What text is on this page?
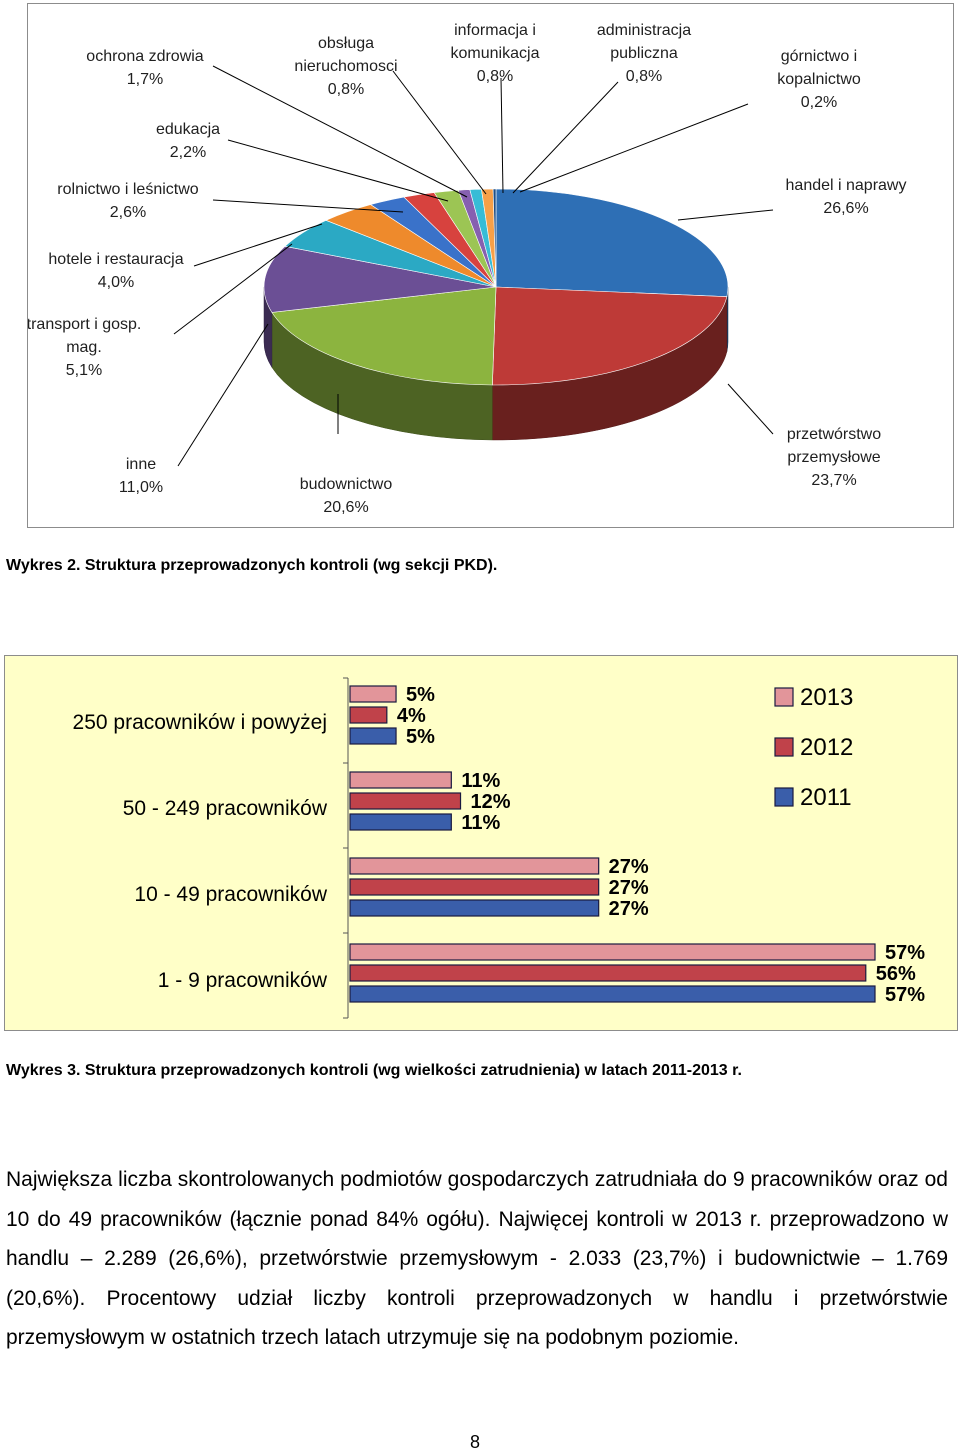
handel i naprawy 26,6%
przetwórstwo przemysłowe 23,7%
budownictwo 20,6%
inne 11,0%
transport i gosp. mag. 5,1%
hotele i restauracja 4,0%
rolnictwo i leśnictwo 2,6%
edukacja 2,2%
ochrona zdrowia 1,7%
obsługa nieruchomosci 0,8%
informacja i komunikacja 0,8%
administracja publiczna 0,8%
górnictwo i kopalnictwo 0,2%
Wykres 2. Struktura przeprowadzonych kontroli (wg sekcji PKD).
250 pracowników i powyżej
5%
4%
5%
50 - 249 pracowników
11%
12%
11%
10 - 49 pracowników
27%
27%
27%
1 - 9 pracowników
57%
56%
57%
2013
2012
2011
Wykres 3. Struktura przeprowadzonych kontroli (wg wielkości zatrudnienia) w latach 2011-2013 r.

Największa liczba skontrolowanych podmiotów gospodarczych zatrudniała do 9 pracowników oraz od 10 do 49 pracowników (łącznie ponad 84% ogółu). Najwięcej kontroli w 2013 r. przeprowadzono w handlu – 2.289 (26,6%), przetwórstwie przemysłowym - 2.033 (23,7%) i budownictwie – 1.769 (20,6%). Procentowy udział liczby kontroli przeprowadzonych w handlu i przetwórstwie przemysłowym w ostatnich trzech latach utrzymuje się na podobnym poziomie.

8
